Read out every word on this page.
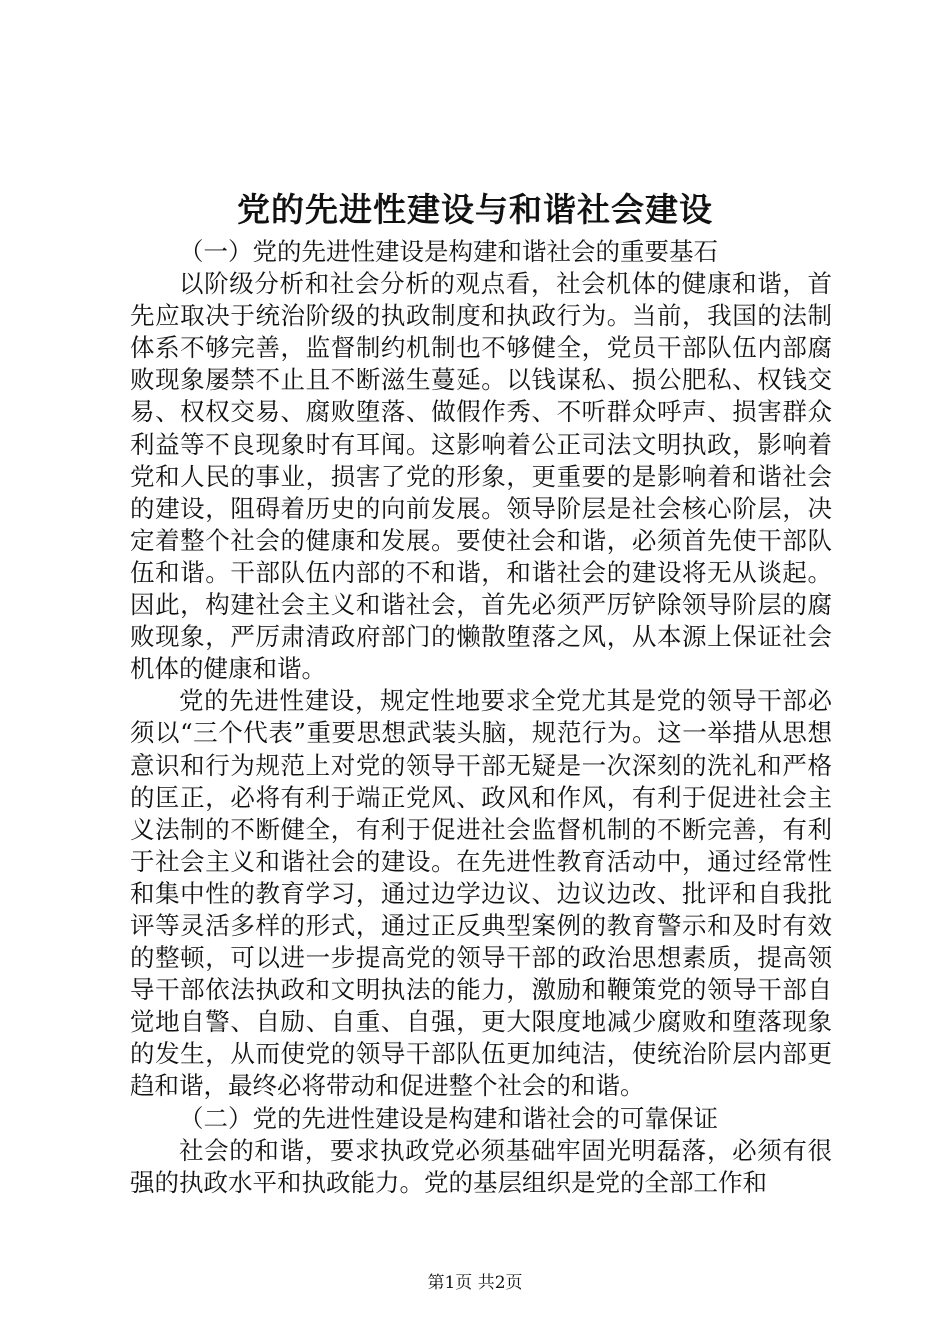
党的先进性建设与和谐社会建设

（一）党的先进性建设是构建和谐社会的重要基石

以阶级分析和社会分析的观点看，社会机体的健康和谐，首先应取决于统治阶级的执政制度和执政行为。当前，我国的法制体系不够完善，监督制约机制也不够健全，党员干部队伍内部腐败现象屡禁不止且不断滋生蔓延。以钱谋私、损公肥私、权钱交易、权权交易、腐败堕落、做假作秀、不听群众呼声、损害群众利益等不良现象时有耳闻。这影响着公正司法文明执政，影响着党和人民的事业，损害了党的形象，更重要的是影响着和谐社会的建设，阻碍着历史的向前发展。领导阶层是社会核心阶层，决定着整个社会的健康和发展。要使社会和谐，必须首先使干部队伍和谐。干部队伍内部的不和谐，和谐社会的建设将无从谈起。因此，构建社会主义和谐社会，首先必须严厉铲除领导阶层的腐败现象，严厉肃清政府部门的懒散堕落之风，从本源上保证社会机体的健康和谐。

党的先进性建设，规定性地要求全党尤其是党的领导干部必须以“三个代表”重要思想武装头脑，规范行为。这一举措从思想意识和行为规范上对党的领导干部无疑是一次深刻的洗礼和严格的匡正，必将有利于端正党风、政风和作风，有利于促进社会主义法制的不断健全，有利于促进社会监督机制的不断完善，有利于社会主义和谐社会的建设。在先进性教育活动中，通过经常性和集中性的教育学习，通过边学边议、边议边改、批评和自我批评等灵活多样的形式，通过正反典型案例的教育警示和及时有效的整顿，可以进一步提高党的领导干部的政治思想素质，提高领导干部依法执政和文明执法的能力，激励和鞭策党的领导干部自觉地自警、自励、自重、自强，更大限度地减少腐败和堕落现象的发生，从而使党的领导干部队伍更加纯洁，使统治阶层内部更趋和谐，最终必将带动和促进整个社会的和谐。

（二）党的先进性建设是构建和谐社会的可靠保证

社会的和谐，要求执政党必须基础牢固光明磊落，必须有很强的执政水平和执政能力。党的基层组织是党的全部工作和

第1页 共2页
